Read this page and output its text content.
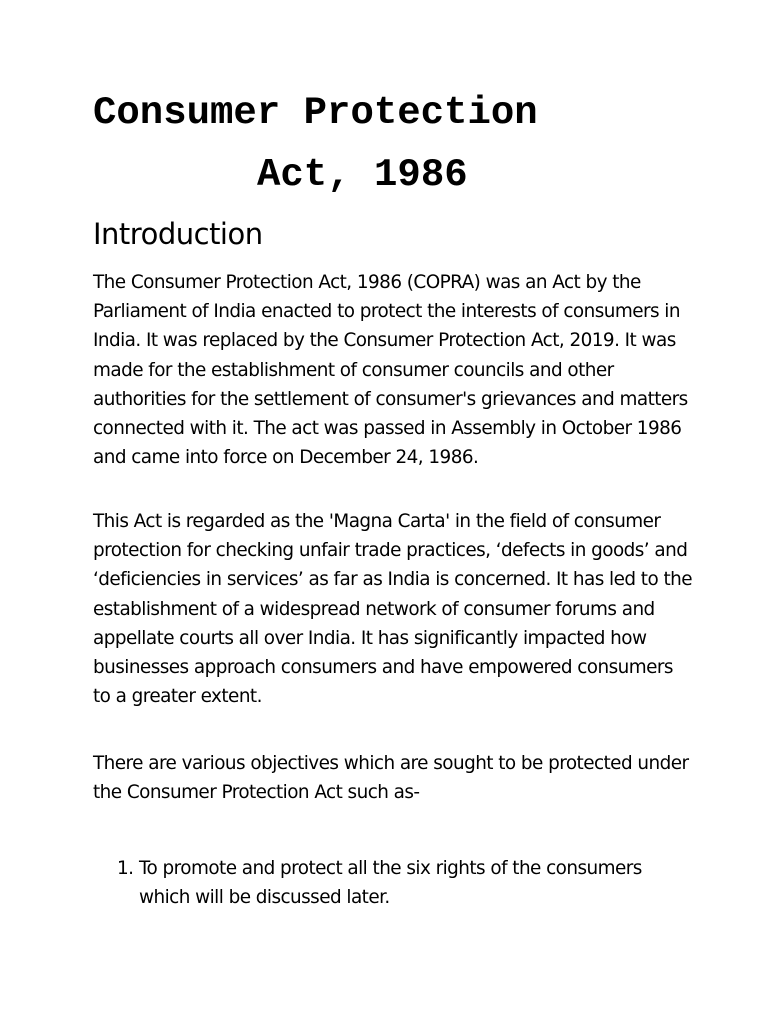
Consumer Protection
Act, 1986
Introduction

The Consumer Protection Act, 1986 (COPRA) was an Act by the Parliament of India enacted to protect the interests of consumers in India. It was replaced by the Consumer Protection Act, 2019. It was made for the establishment of consumer councils and other authorities for the settlement of consumer's grievances and matters connected with it. The act was passed in Assembly in October 1986 and came into force on December 24, 1986.

This Act is regarded as the 'Magna Carta' in the field of consumer protection for checking unfair trade practices, ‘defects in goods’ and ‘deficiencies in services’ as far as India is concerned. It has led to the establishment of a widespread network of consumer forums and appellate courts all over India. It has significantly impacted how businesses approach consumers and have empowered consumers to a greater extent.

There are various objectives which are sought to be protected under the Consumer Protection Act such as-

1. To promote and protect all the six rights of the consumers which will be discussed later.
